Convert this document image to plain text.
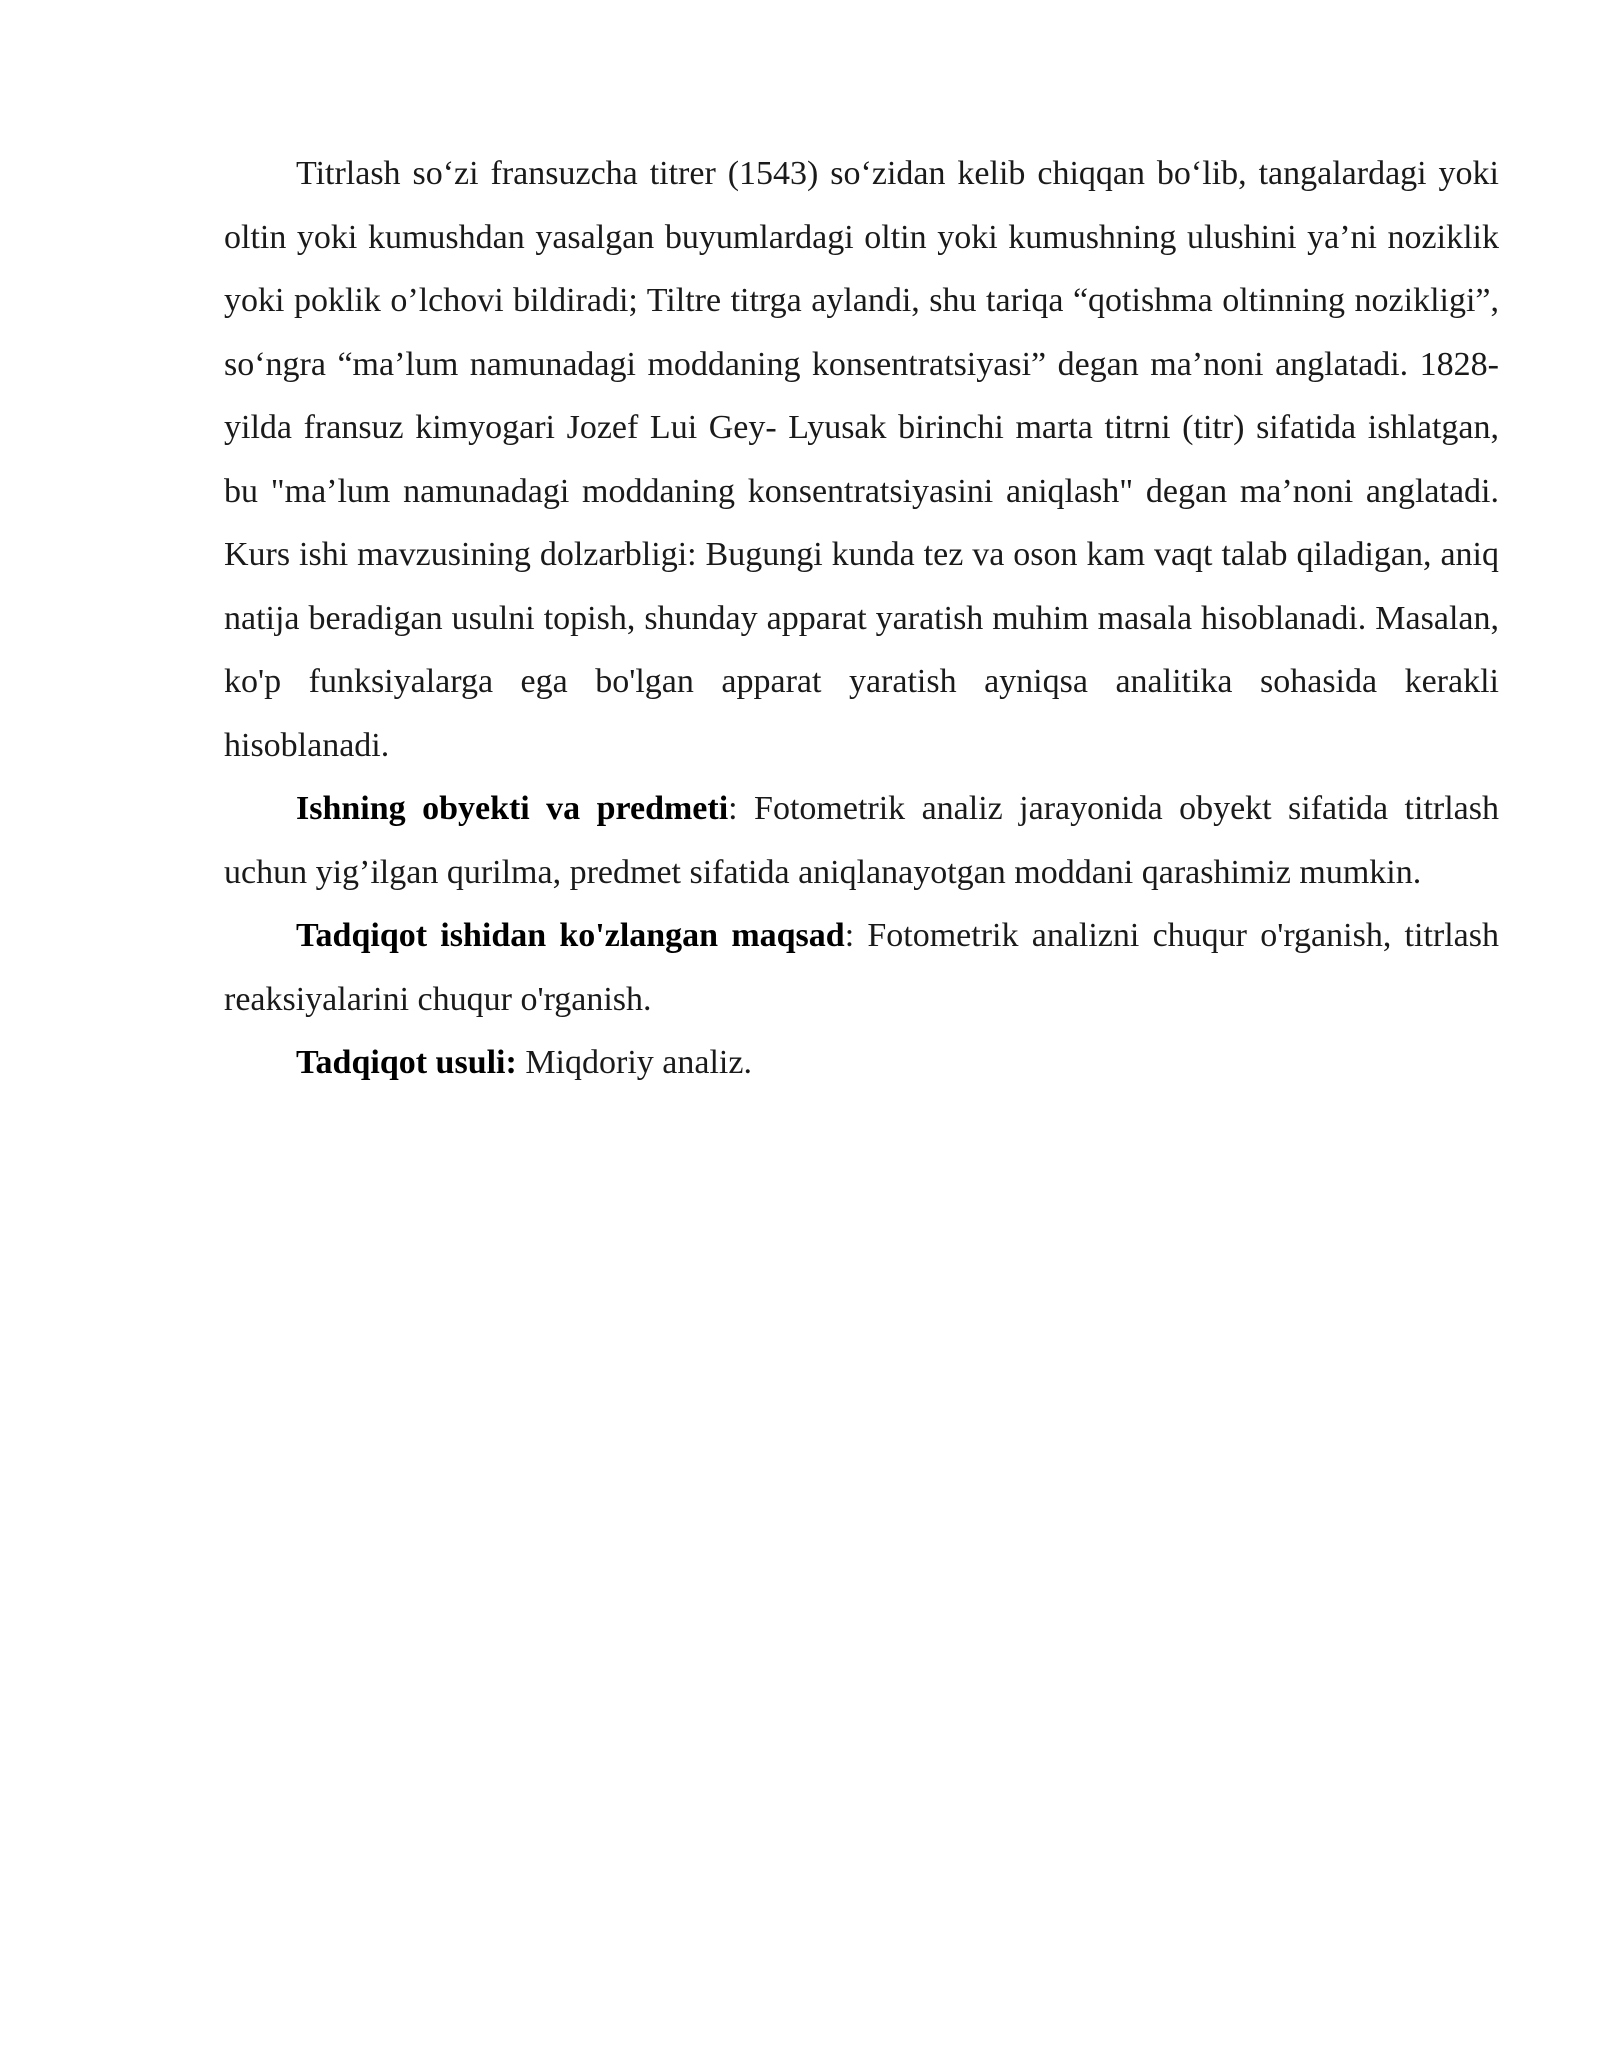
Titrlash so‘zi fransuzcha titrer (1543) so‘zidan kelib chiqqan bo‘lib, tangalardagi yoki oltin yoki kumushdan yasalgan buyumlardagi oltin yoki kumushning ulushini ya’ni noziklik yoki poklik o’lchovi bildiradi; Tiltre titrga aylandi, shu tariqa “qotishma oltinning nozikligi”, so‘ngra “ma’lum namunadagi moddaning konsentratsiyasi” degan ma’noni anglatadi. 1828-yilda fransuz kimyogari Jozef Lui Gey- Lyusak birinchi marta titrni (titr) sifatida ishlatgan, bu "ma’lum namunadagi moddaning konsentratsiyasini aniqlash" degan ma’noni anglatadi. Kurs ishi mavzusining dolzarbligi: Bugungi kunda tez va oson kam vaqt talab qiladigan, aniq natija beradigan usulni topish, shunday apparat yaratish muhim masala hisoblanadi. Masalan, ko'p funksiyalarga ega bo'lgan apparat yaratish ayniqsa analitika sohasida kerakli hisoblanadi.

Ishning obyekti va predmeti: Fotometrik analiz jarayonida obyekt sifatida titrlash uchun yig’ilgan qurilma, predmet sifatida aniqlanayotgan moddani qarashimiz mumkin.

Tadqiqot ishidan ko'zlangan maqsad: Fotometrik analizni chuqur o'rganish, titrlash reaksiyalarini chuqur o'rganish.

Tadqiqot usuli: Miqdoriy analiz.
